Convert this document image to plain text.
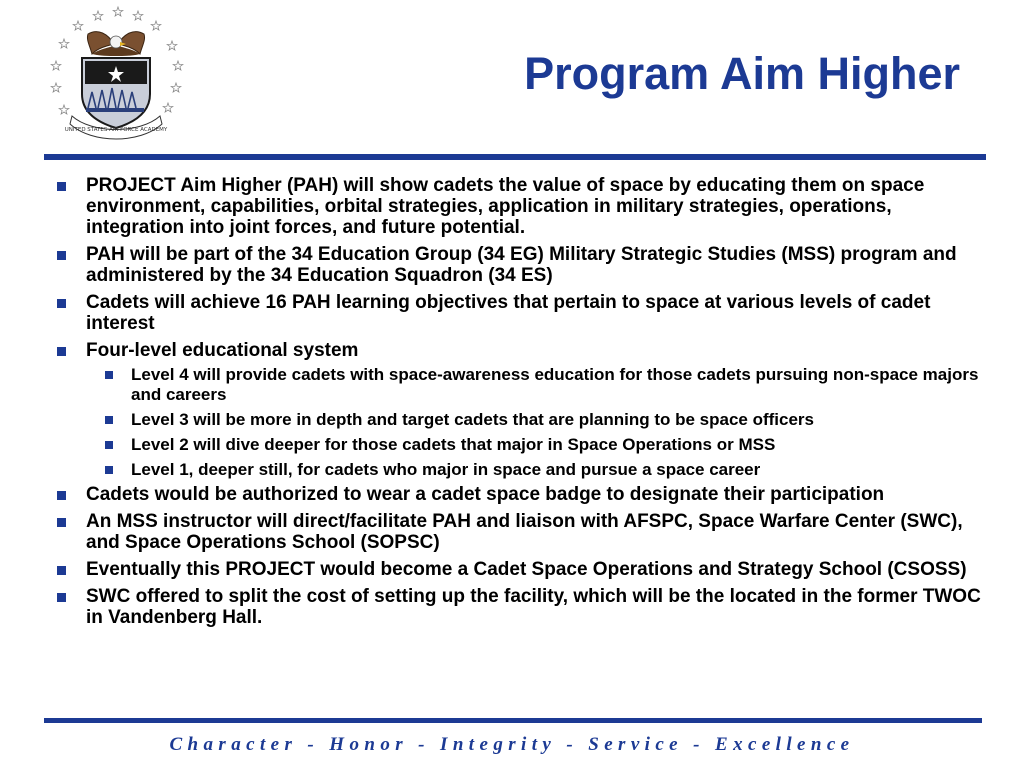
UNITED STATES AIR FORCE ACADEMY
Program Aim Higher
PROJECT Aim Higher (PAH) will show cadets the value of space by educating them on space environment, capabilities, orbital strategies, application in military strategies, operations, integration into joint forces, and future potential.
PAH will be part of the 34 Education Group (34 EG) Military Strategic Studies (MSS) program and administered by the 34 Education Squadron (34 ES)
Cadets will achieve 16 PAH learning objectives that pertain to space at various levels of cadet interest
Four-level educational system
Level 4 will provide cadets with space-awareness education for those cadets pursuing non-space majors and careers
Level 3 will be more in depth and target cadets that are planning to be space officers
Level 2 will dive deeper for those cadets that major in Space Operations or MSS
Level 1, deeper still, for cadets who major in space and pursue a space career
Cadets would be authorized to wear a cadet space badge to designate their participation
An MSS instructor will direct/facilitate PAH and liaison with AFSPC, Space Warfare Center (SWC), and Space Operations School (SOPSC)
Eventually this PROJECT would become a Cadet Space Operations and Strategy School (CSOSS)
SWC offered to split the cost of setting up the facility, which will be the located in the former TWOC in Vandenberg Hall.
Character - Honor - Integrity - Service - Excellence
